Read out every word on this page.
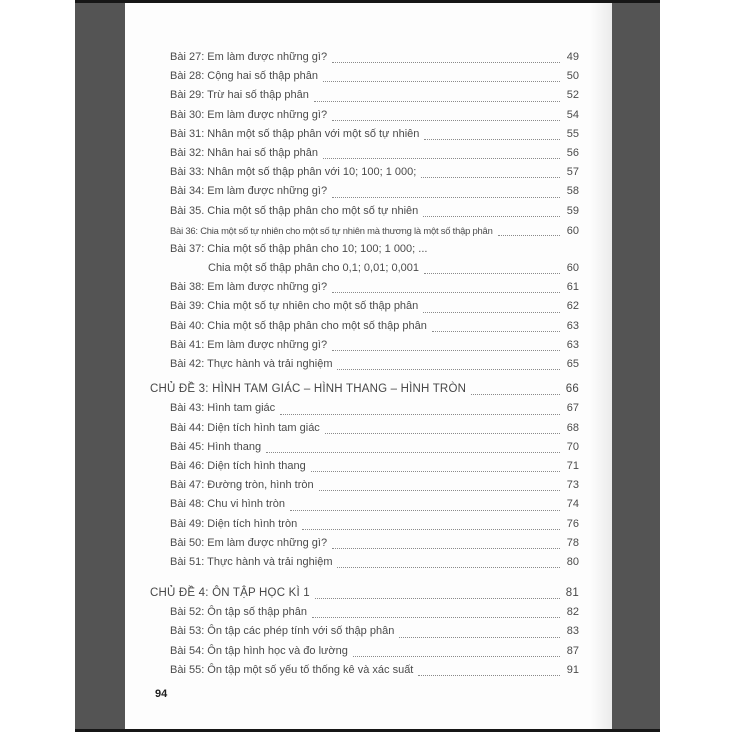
Bài 27: Em làm được những gì?	49
Bài 28: Cộng hai số thập phân	50
Bài 29: Trừ hai số thập phân	52
Bài 30: Em làm được những gì?	54
Bài 31: Nhân một số thập phân với một số tự nhiên	55
Bài 32: Nhân hai số thập phân	56
Bài 33: Nhân một số thập phân với 10; 100; 1 000;	57
Bài 34: Em làm được những gì?	58
Bài 35. Chia một số thập phân cho một số tự nhiên	59
Bài 36: Chia một số tự nhiên cho một số tự nhiên mà thương là một số thập phân	60
Bài 37: Chia một số thập phân cho 10; 100; 1 000; ...
Chia một số thập phân cho 0,1; 0,01; 0,001	60
Bài 38: Em làm được những gì?	61
Bài 39: Chia một số tự nhiên cho một số thập phân	62
Bài 40: Chia một số thập phân cho một số thập phân	63
Bài 41: Em làm được những gì?	63
Bài 42: Thực hành và trải nghiệm	65
CHỦ ĐỀ 3: HÌNH TAM GIÁC – HÌNH THANG – HÌNH TRÒN	66
Bài 43: Hình tam giác	67
Bài 44: Diện tích hình tam giác	68
Bài 45: Hình thang	70
Bài 46: Diện tích hình thang	71
Bài 47: Đường tròn, hình tròn	73
Bài 48: Chu vi hình tròn	74
Bài 49: Diện tích hình tròn	76
Bài 50: Em làm được những gì?	78
Bài 51: Thực hành và trải nghiệm	80
CHỦ ĐỀ 4: ÔN TẬP HỌC KÌ 1	81
Bài 52: Ôn tập số thập phân	82
Bài 53: Ôn tập các phép tính với số thập phân	83
Bài 54: Ôn tập hình học và đo lường	87
Bài 55: Ôn tập một số yếu tố thống kê và xác suất	91
94
